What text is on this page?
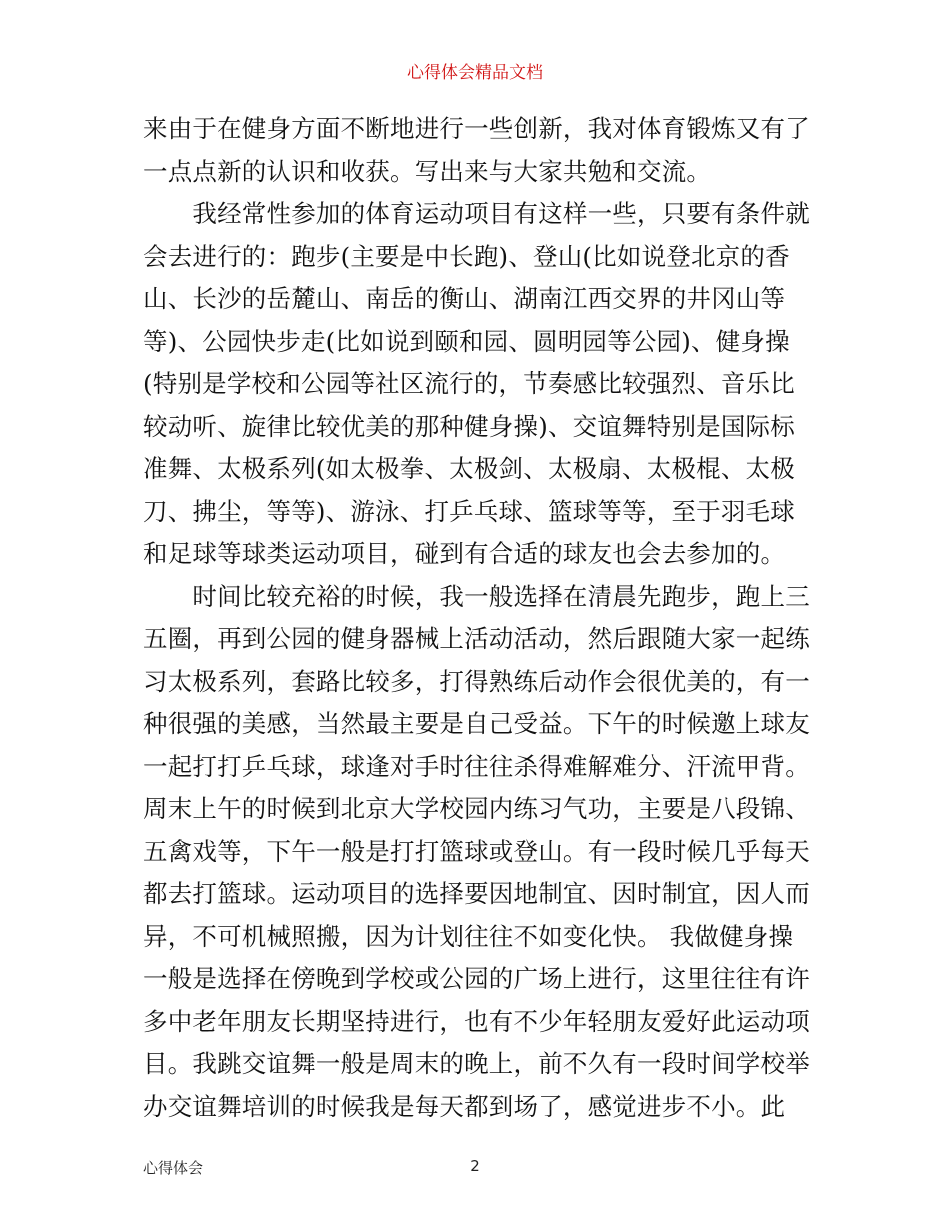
心得体会精品文档
来由于在健身方面不断地进行一些创新，我对体育锻炼又有了
一点点新的认识和收获。写出来与大家共勉和交流。
　　我经常性参加的体育运动项目有这样一些，只要有条件就
会去进行的：跑步(主要是中长跑)、登山(比如说登北京的香
山、长沙的岳麓山、南岳的衡山、湖南江西交界的井冈山等
等)、公园快步走(比如说到颐和园、圆明园等公园)、健身操
(特别是学校和公园等社区流行的，节奏感比较强烈、音乐比
较动听、旋律比较优美的那种健身操)、交谊舞特别是国际标
准舞、太极系列(如太极拳、太极剑、太极扇、太极棍、太极
刀、拂尘，等等)、游泳、打乒乓球、篮球等等，至于羽毛球
和足球等球类运动项目，碰到有合适的球友也会去参加的。
　　时间比较充裕的时候，我一般选择在清晨先跑步，跑上三
五圈，再到公园的健身器械上活动活动，然后跟随大家一起练
习太极系列，套路比较多，打得熟练后动作会很优美的，有一
种很强的美感，当然最主要是自己受益。下午的时候邀上球友
一起打打乒乓球，球逢对手时往往杀得难解难分、汗流甲背。
周末上午的时候到北京大学校园内练习气功，主要是八段锦、
五禽戏等，下午一般是打打篮球或登山。有一段时候几乎每天
都去打篮球。运动项目的选择要因地制宜、因时制宜，因人而
异，不可机械照搬，因为计划往往不如变化快。 我做健身操
一般是选择在傍晚到学校或公园的广场上进行，这里往往有许
多中老年朋友长期坚持进行，也有不少年轻朋友爱好此运动项
目。我跳交谊舞一般是周末的晚上，前不久有一段时间学校举
办交谊舞培训的时候我是每天都到场了，感觉进步不小。此
心得体会	2
